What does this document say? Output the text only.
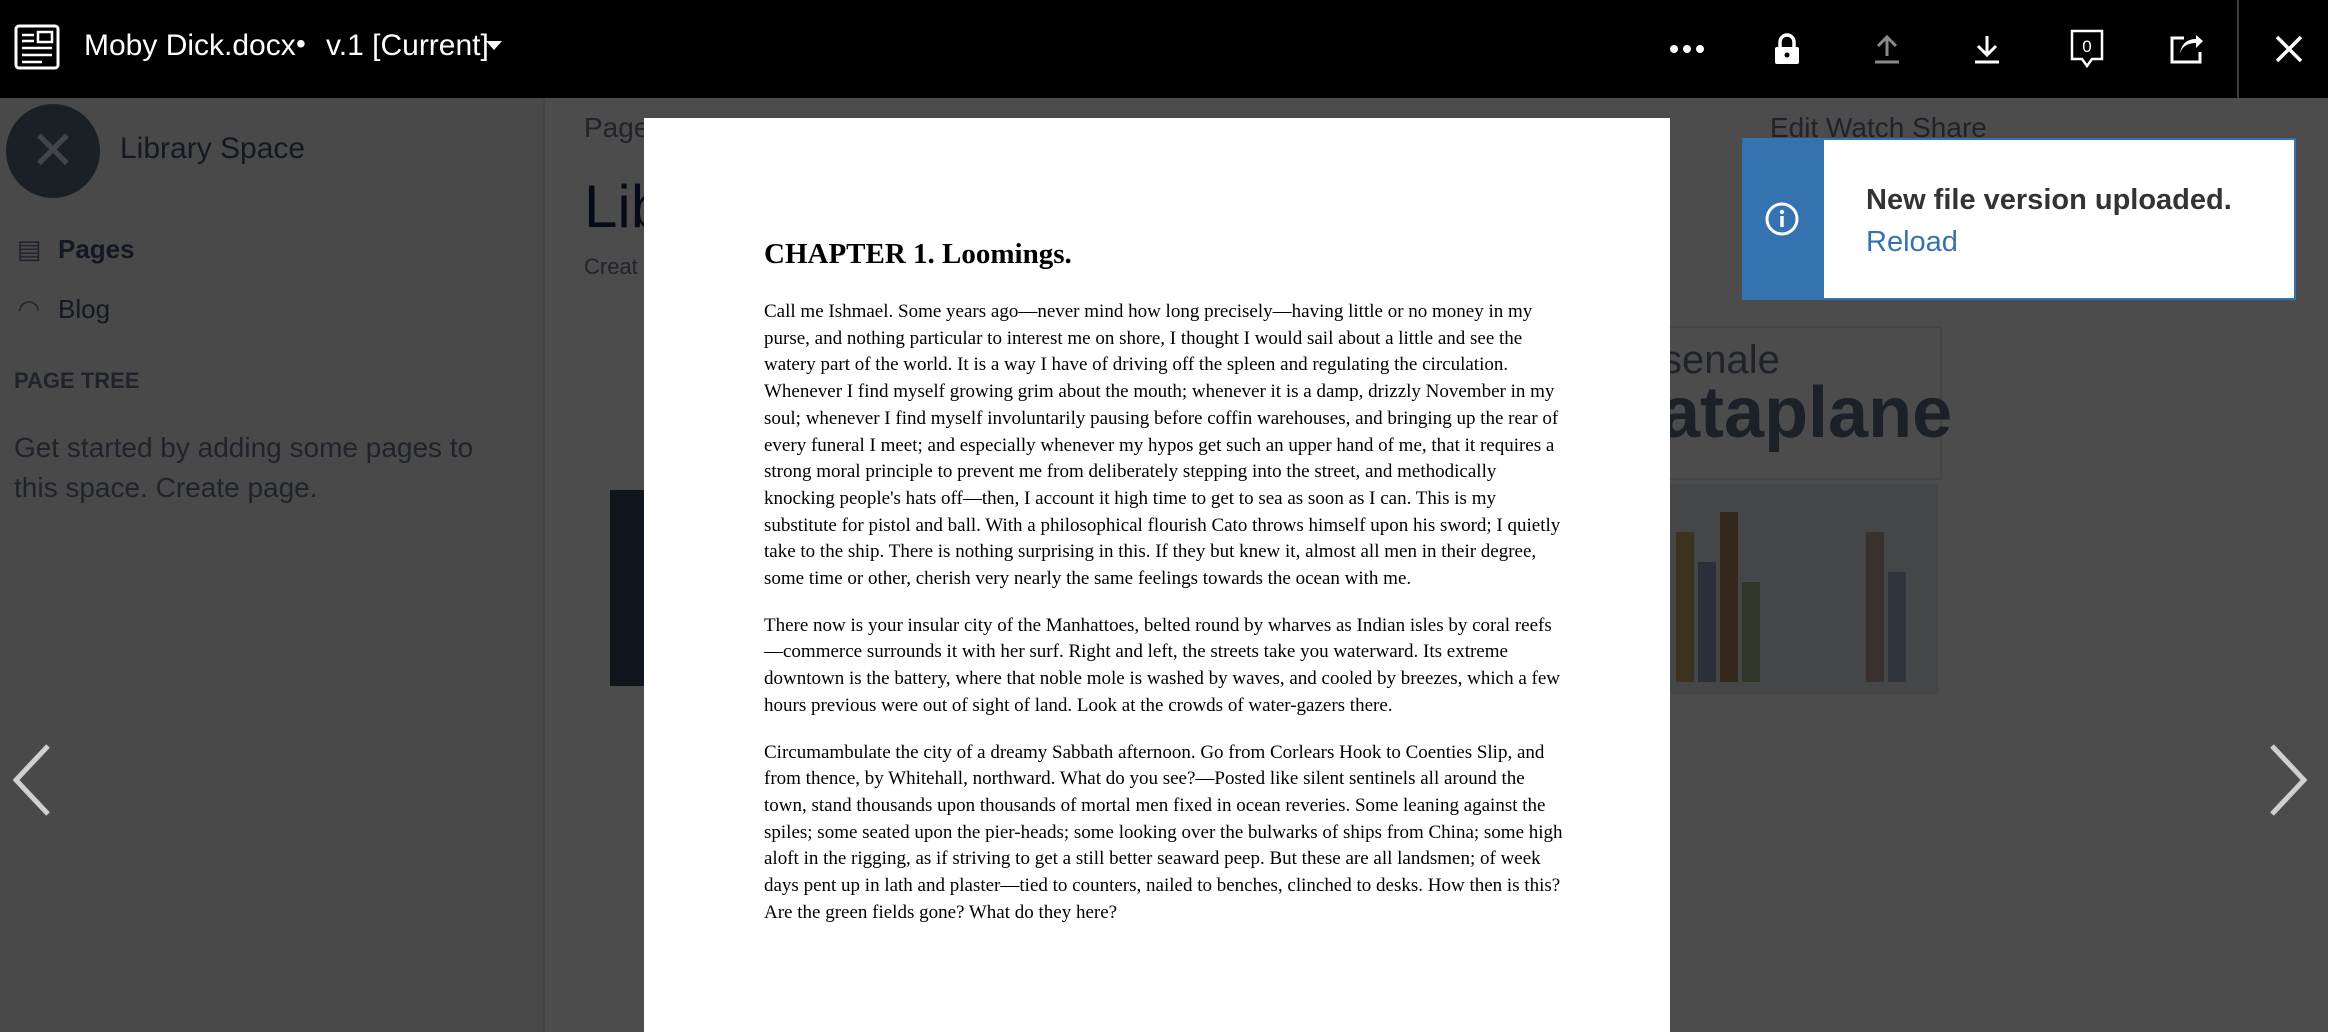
✕
Moby Dick.docx • v.1 [Current]	0
CHAPTER 1. Loomings.

Call me Ishmael. Some years ago—never mind how long precisely—having little or no money in my purse, and nothing particular to interest me on shore, I thought I would sail about a little and see the watery part of the world. It is a way I have of driving off the spleen and regulating the circulation. Whenever I find myself growing grim about the mouth; whenever it is a damp, drizzly November in my soul; whenever I find myself involuntarily pausing before coffin warehouses, and bringing up the rear of every funeral I meet; and especially whenever my hypos get such an upper hand of me, that it requires a strong moral principle to prevent me from deliberately stepping into the street, and methodically knocking people's hats off—then, I account it high time to get to sea as soon as I can. This is my substitute for pistol and ball. With a philosophical flourish Cato throws himself upon his sword; I quietly take to the ship. There is nothing surprising in this. If they but knew it, almost all men in their degree, some time or other, cherish very nearly the same feelings towards the ocean with me.

There now is your insular city of the Manhattoes, belted round by wharves as Indian isles by coral reefs—commerce surrounds it with her surf. Right and left, the streets take you waterward. Its extreme downtown is the battery, where that noble mole is washed by waves, and cooled by breezes, which a few hours previous were out of sight of land. Look at the crowds of water-gazers there.

Circumambulate the city of a dreamy Sabbath afternoon. Go from Corlears Hook to Coenties Slip, and from thence, by Whitehall, northward. What do you see?—Posted like silent sentinels all around the town, stand thousands upon thousands of mortal men fixed in ocean reveries. Some leaning against the spiles; some seated upon the pier-heads; some looking over the bulwarks of ships from China; some high aloft in the rigging, as if striving to get a still better seaward peep. But these are all landsmen; of week days pent up in lath and plaster—tied to counters, nailed to benches, clinched to desks. How then is this? Are the green fields gone? What do they here?

New file version uploaded.
Reload
